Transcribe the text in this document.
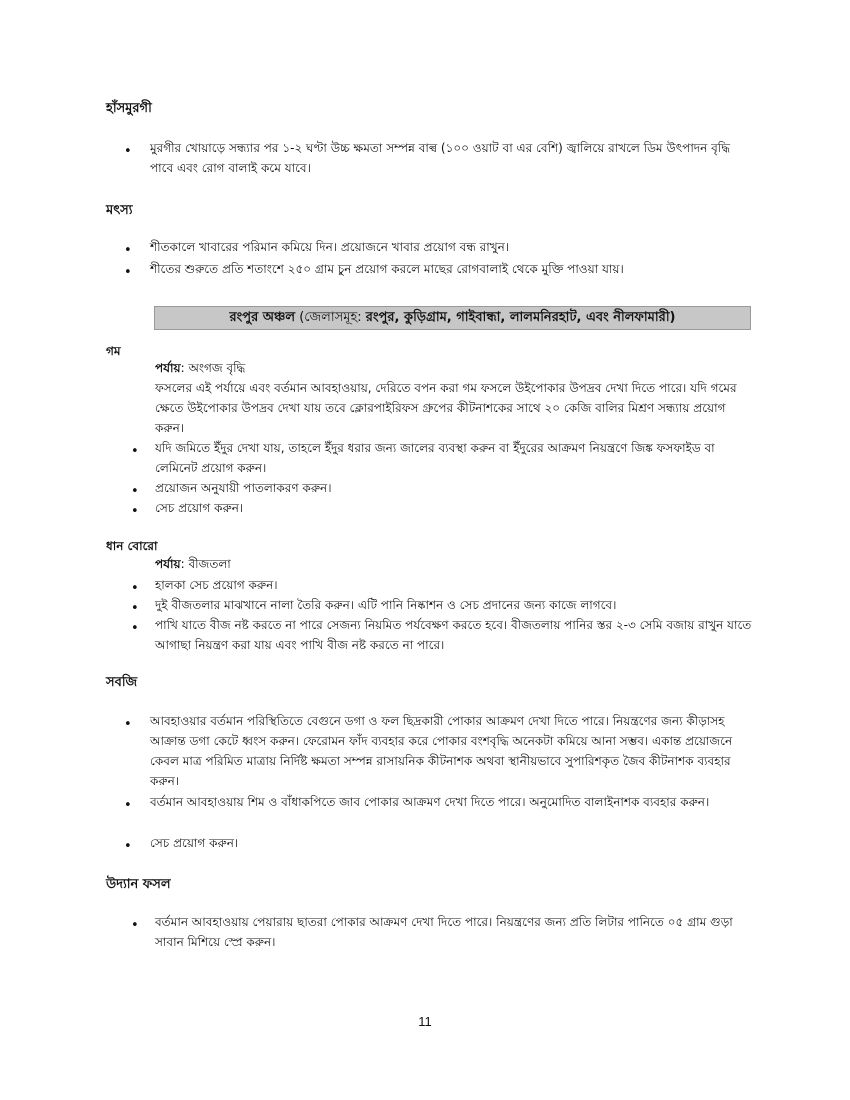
হাঁসমুরগী
• মুরগীর খোয়াড়ে সন্ধ্যার পর ১-২ ঘণ্টা উচ্চ ক্ষমতা সম্পন্ন বাল্ব (১০০ ওয়াট বা এর বেশি) জ্বালিয়ে রাখলে ডিম উৎপাদন বৃদ্ধি পাবে এবং রোগ বালাই কমে যাবে।
মৎস্য
• শীতকালে খাবারের পরিমান কমিয়ে দিন। প্রয়োজনে খাবার প্রয়োগ বন্ধ রাখুন।
• শীতের শুরুতে প্রতি শতাংশে ২৫০ গ্রাম চুন প্রয়োগ করলে মাছের রোগবালাই থেকে মুক্তি পাওয়া যায়।
রংপুর অঞ্চল (জেলাসমূহ: রংপুর, কুড়িগ্রাম, গাইবান্ধা, লালমনিরহাট, এবং নীলফামারী)
গম
পর্যায়: অংগজ বৃদ্ধি
ফসলের এই পর্যায়ে এবং বর্তমান আবহাওয়ায়, দেরিতে বপন করা গম ফসলে উইপোকার উপদ্রব দেখা দিতে পারে। যদি গমের ক্ষেতে উইপোকার উপদ্রব দেখা যায় তবে ক্লোরপাইরিফস গ্রুপের কীটনাশকের সাথে ২০ কেজি বালির মিশ্রণ সন্ধ্যায় প্রয়োগ করুন।
• যদি জমিতে ইঁদুর দেখা যায়, তাহলে ইঁদুর ধরার জন্য জালের ব্যবস্থা করুন বা ইঁদুরের আক্রমণ নিয়ন্ত্রণে জিঙ্ক ফসফাইড বা লেমিনেট প্রয়োগ করুন।
• প্রয়োজন অনুযায়ী পাতলাকরণ করুন।
• সেচ প্রয়োগ করুন।
ধান বোরো
পর্যায়: বীজতলা
• হালকা সেচ প্রয়োগ করুন।
• দুই বীজতলার মাঝখানে নালা তৈরি করুন। এটি পানি নিষ্কাশন ও সেচ প্রদানের জন্য কাজে লাগবে।
• পাখি যাতে বীজ নষ্ট করতে না পারে সেজন্য নিয়মিত পর্যবেক্ষণ করতে হবে। বীজতলায় পানির স্তর ২-৩ সেমি বজায় রাখুন যাতে আগাছা নিয়ন্ত্রণ করা যায় এবং পাখি বীজ নষ্ট করতে না পারে।
সবজি
• আবহাওয়ার বর্তমান পরিস্থিতিতে বেগুনে ডগা ও ফল ছিদ্রকারী পোকার আক্রমণ দেখা দিতে পারে। নিয়ন্ত্রণের জন্য কীড়াসহ আক্রান্ত ডগা কেটে ধ্বংস করুন। ফেরোমন ফাঁদ ব্যবহার করে পোকার বংশবৃদ্ধি অনেকটা কমিয়ে আনা সম্ভব। একান্ত প্রয়োজনে কেবল মাত্র পরিমিত মাত্রায় নির্দিষ্ট ক্ষমতা সম্পন্ন রাসায়নিক কীটনাশক অথবা স্থানীয়ভাবে সুপারিশকৃত জৈব কীটনাশক ব্যবহার করুন।
• বর্তমান আবহাওয়ায় শিম ও বাঁধাকপিতে জাব পোকার আক্রমণ দেখা দিতে পারে। অনুমোদিত বালাইনাশক ব্যবহার করুন।
• সেচ প্রয়োগ করুন।
উদ্যান ফসল
• বর্তমান আবহাওয়ায় পেয়ারায় ছাতরা পোকার আক্রমণ দেখা দিতে পারে। নিয়ন্ত্রণের জন্য প্রতি লিটার পানিতে ০৫ গ্রাম গুড়া সাবান মিশিয়ে স্প্রে করুন।
11
